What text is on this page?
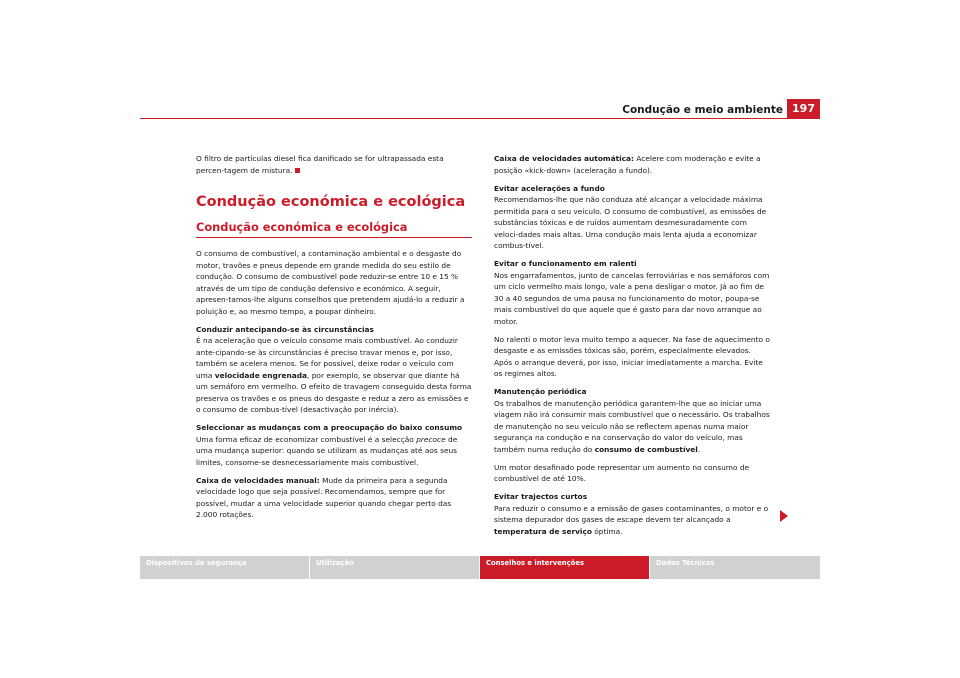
Condução e meio ambiente 197

O filtro de partículas diesel fica danificado se for ultrapassada esta percen-tagem de mistura.

Condução económica e ecológica
Condução económica e ecológica

O consumo de combustível, a contaminação ambiental e o desgaste do motor, travões e pneus depende em grande medida do seu estilo de condução. O consumo de combustível pode reduzir-se entre 10 e 15 % através de um tipo de condução defensivo e económico. A seguir, apresen-tamos-lhe alguns conselhos que pretendem ajudá-lo a reduzir a poluição e, ao mesmo tempo, a poupar dinheiro.

Conduzir antecipando-se às circunstâncias
É na aceleração que o veículo consome mais combustível. Ao conduzir ante-cipando-se às circunstâncias é preciso travar menos e, por isso, também se acelera menos. Se for possível, deixe rodar o veículo com uma velocidade engrenada, por exemplo, se observar que diante há um semáforo em vermelho. O efeito de travagem conseguido desta forma preserva os travões e os pneus do desgaste e reduz a zero as emissões e o consumo de combus-tível (desactivação por inércia).

Seleccionar as mudanças com a preocupação do baixo consumo
Uma forma eficaz de economizar combustível é a selecção precoce de uma mudança superior: quando se utilizam as mudanças até aos seus limites, consome-se desnecessariamente mais combustível.

Caixa de velocidades manual: Mude da primeira para a segunda velocidade logo que seja possível. Recomendamos, sempre que for possível, mudar a uma velocidade superior quando chegar perto das 2.000 rotações.

Caixa de velocidades automática: Acelere com moderação e evite a posição «kick-down» (aceleração a fundo).

Evitar acelerações a fundo
Recomendamos-lhe que não conduza até alcançar a velocidade máxima permitida para o seu veículo. O consumo de combustível, as emissões de substâncias tóxicas e de ruídos aumentam desmesuradamente com veloci-dades mais altas. Uma condução mais lenta ajuda a economizar combus-tível.

Evitar o funcionamento em ralenti
Nos engarrafamentos, junto de cancelas ferroviárias e nos semáforos com um ciclo vermelho mais longo, vale a pena desligar o motor. Já ao fim de 30 a 40 segundos de uma pausa no funcionamento do motor, poupa-se mais combustível do que aquele que é gasto para dar novo arranque ao motor.

No ralenti o motor leva muito tempo a aquecer. Na fase de aquecimento o desgaste e as emissões tóxicas são, porém, especialmente elevados. Após o arranque deverá, por isso, iniciar imediatamente a marcha. Evite os regimes altos.

Manutenção periódica
Os trabalhos de manutenção periódica garantem-lhe que ao iniciar uma viagem não irá consumir mais combustível que o necessário. Os trabalhos de manutenção no seu veículo não se reflectem apenas numa maior segurança na condução e na conservação do valor do veículo, mas também numa redução do consumo de combustível.

Um motor desafinado pode representar um aumento no consumo de combustível de até 10%.

Evitar trajectos curtos
Para reduzir o consumo e a emissão de gases contaminantes, o motor e o sistema depurador dos gases de escape devem ter alcançado a temperatura de serviço óptima.

Dispositivos de segurança	Utilização	Conselhos e intervenções	Dados Técnicos
